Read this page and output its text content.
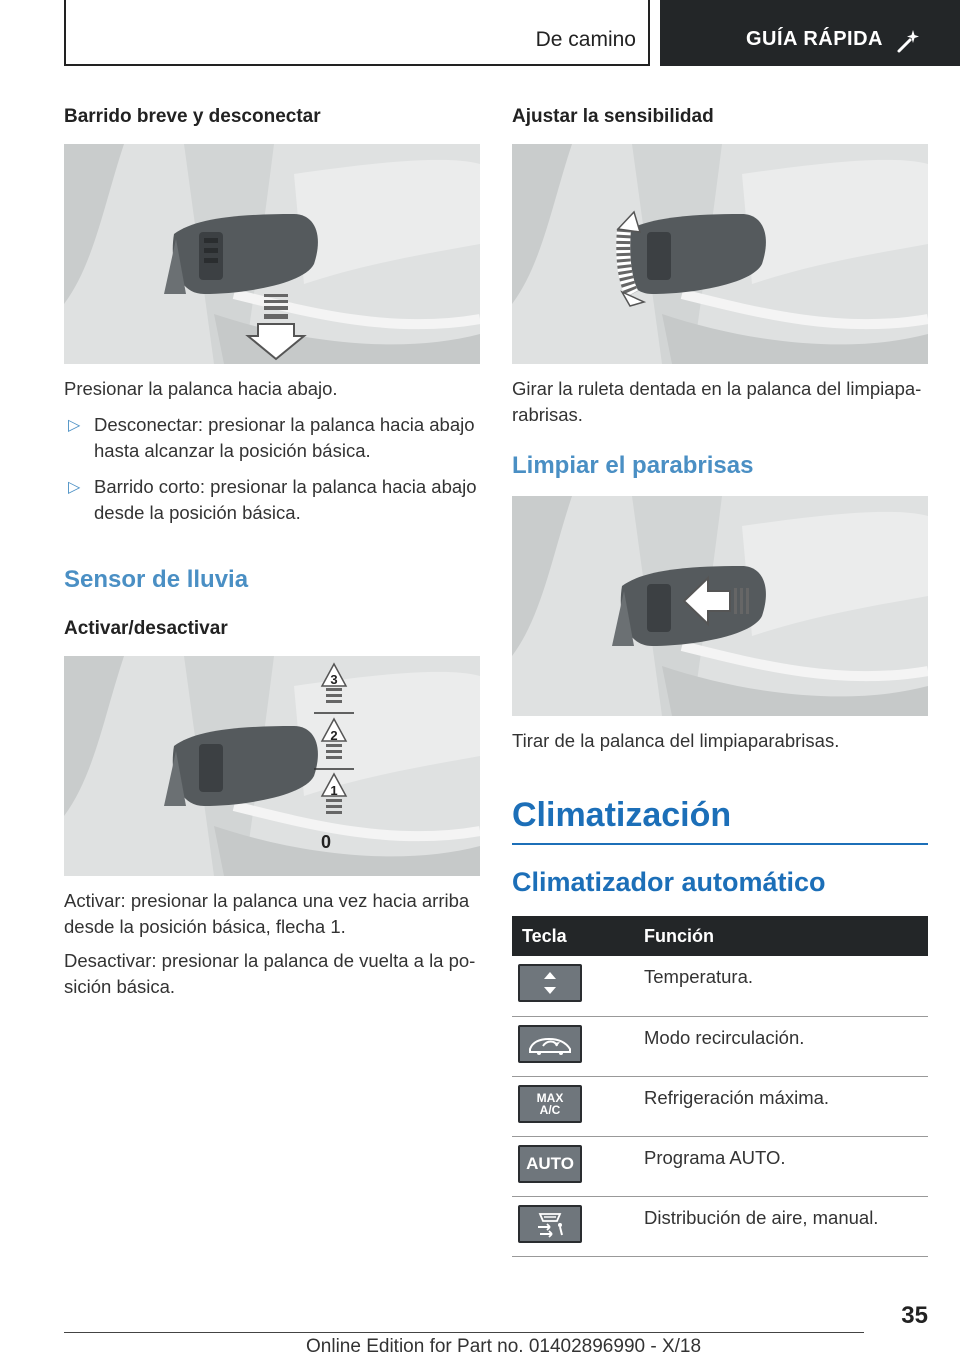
De camino	GUÍA RÁPIDA
Barrido breve y desconectar

Presionar la palanca hacia abajo.

▷ Desconectar: presionar la palanca hacia abajo hasta alcanzar la posición básica.
▷ Barrido corto: presionar la palanca hacia abajo desde la posición básica.
Sensor de lluvia
Activar/desactivar
3
2
1
0

Activar: presionar la palanca una vez hacia arriba desde la posición básica, flecha 1.

Desactivar: presionar la palanca de vuelta a la po-sición básica.

Ajustar la sensibilidad

Girar la ruleta dentada en la palanca del limpiapa-rabrisas.

Limpiar el parabrisas

Tirar de la palanca del limpiaparabrisas.

Climatización
Climatizador automático
Tecla	Función

	Temperatura.

	Modo recirculación.

MAX
A/C	Refrigeración máxima.

AUTO	Programa AUTO.

	Distribución de aire, manual.
35
Online Edition for Part no. 01402896990 - X/18
